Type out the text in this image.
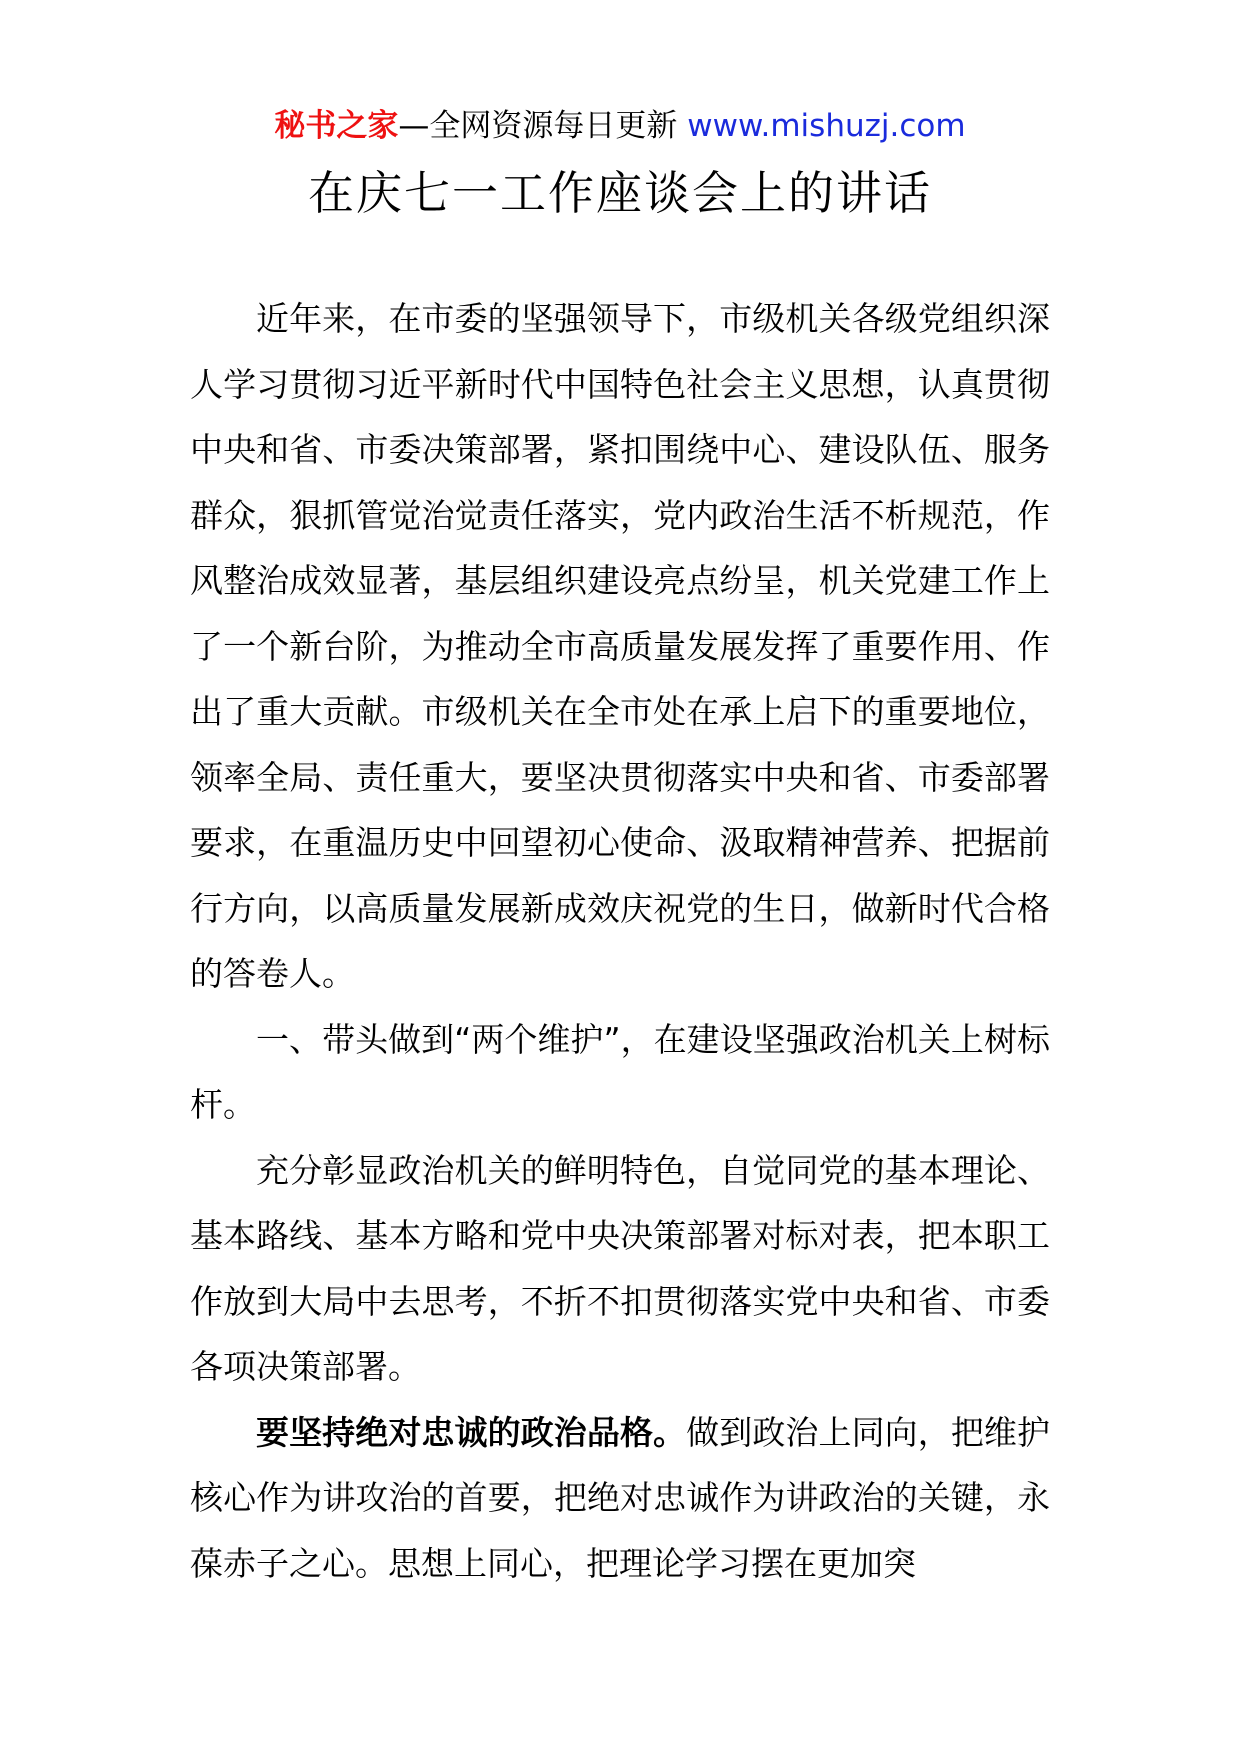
秘书之家—全网资源每日更新 www.mishuzj.com
在庆七一工作座谈会上的讲话

近年来，在市委的坚强领导下，市级机关各级党组织深人学习贯彻习近平新时代中国特色社会主义思想，认真贯彻中央和省、市委决策部署，紧扣围绕中心、建设队伍、服务群众，狠抓管觉治觉责任落实，党内政治生活不析规范，作风整治成效显著，基层组织建设亮点纷呈，机关党建工作上了一个新台阶，为推动全市高质量发展发挥了重要作用、作出了重大贡献。市级机关在全市处在承上启下的重要地位，领率全局、责任重大，要坚决贯彻落实中央和省、市委部署要求，在重温历史中回望初心使命、汲取精神营养、把据前行方向，以高质量发展新成效庆祝党的生日，做新时代合格的答卷人。

一、带头做到“两个维护”，在建设坚强政治机关上树标杆。

充分彰显政治机关的鲜明特色，自觉同党的基本理论、基本路线、基本方略和党中央决策部署对标对表，把本职工作放到大局中去思考，不折不扣贯彻落实党中央和省、市委各项决策部署。

要坚持绝对忠诚的政治品格。做到政治上同向，把维护核心作为讲攻治的首要，把绝对忠诚作为讲政治的关键，永葆赤子之心。思想上同心，把理论学习摆在更加突
